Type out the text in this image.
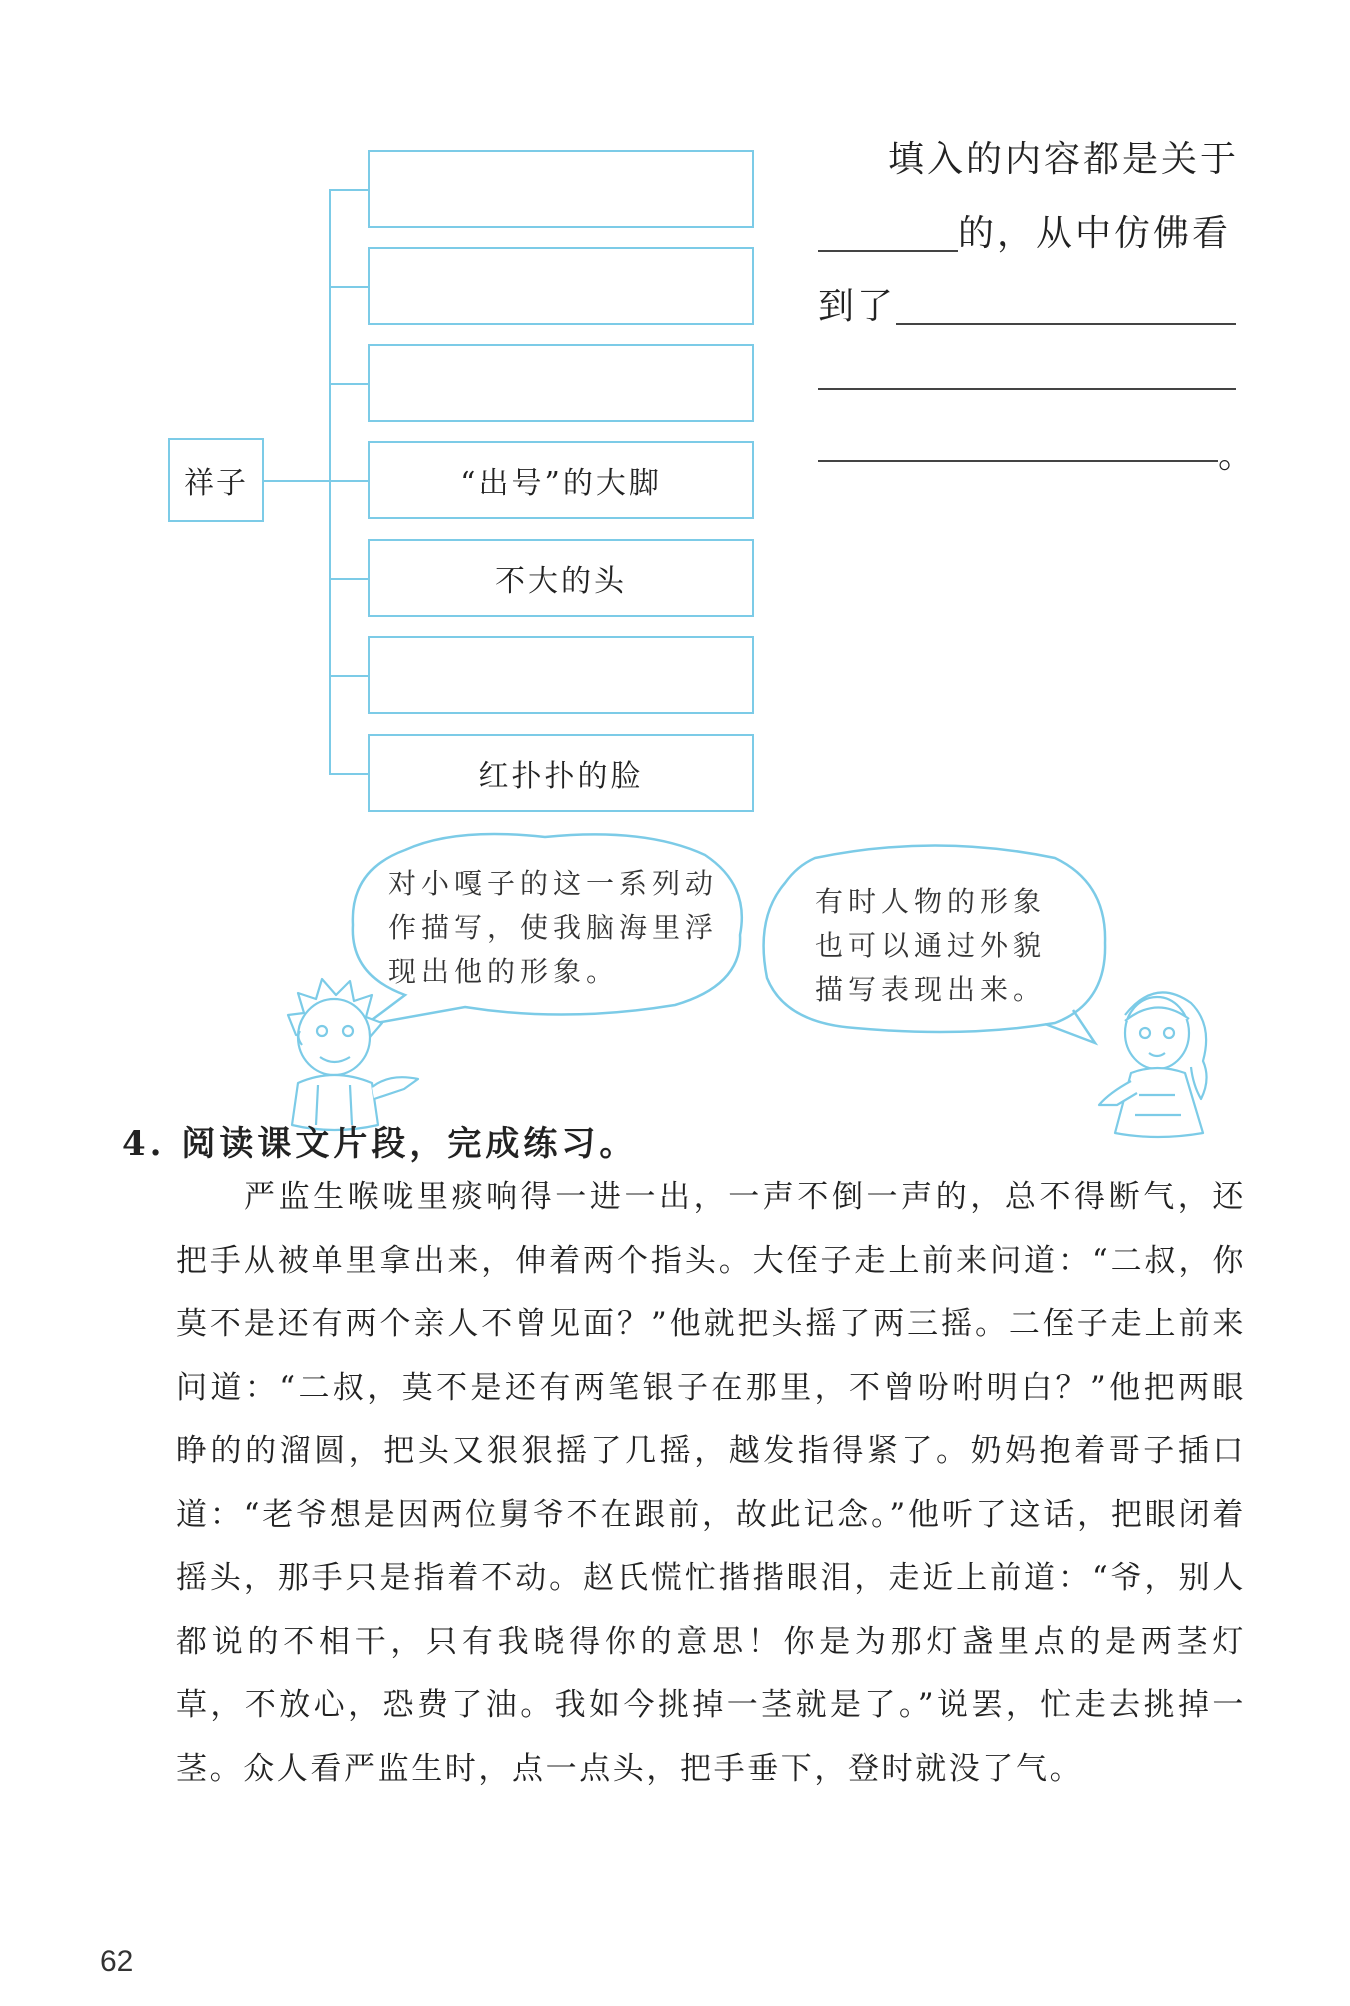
祥子	“出号”的大脚
不大的头
红扑扑的脸
填入的内容都是关于
的，从中仿佛看
到了
。
对小嘎子的这一系列动作描写，使我脑海里浮现出他的形象。
有时人物的形象也可以通过外貌描写表现出来。
4. 阅读课文片段，完成练习。
严监生喉咙里痰响得一进一出，一声不倒一声的，总不得断气，还把手从被单里拿出来，伸着两个指头。大侄子走上前来问道：“二叔，你莫不是还有两个亲人不曾见面？”他就把头摇了两三摇。二侄子走上前来问道：“二叔，莫不是还有两笔银子在那里，不曾吩咐明白？”他把两眼睁的的溜圆，把头又狠狠摇了几摇，越发指得紧了。奶妈抱着哥子插口道：“老爷想是因两位舅爷不在跟前，故此记念。”他听了这话，把眼闭着摇头，那手只是指着不动。赵氏慌忙揩揩眼泪，走近上前道：“爷，别人都说的不相干，只有我晓得你的意思！你是为那灯盏里点的是两茎灯草，不放心，恐费了油。我如今挑掉一茎就是了。”说罢，忙走去挑掉一茎。众人看严监生时，点一点头，把手垂下，登时就没了气。
62
